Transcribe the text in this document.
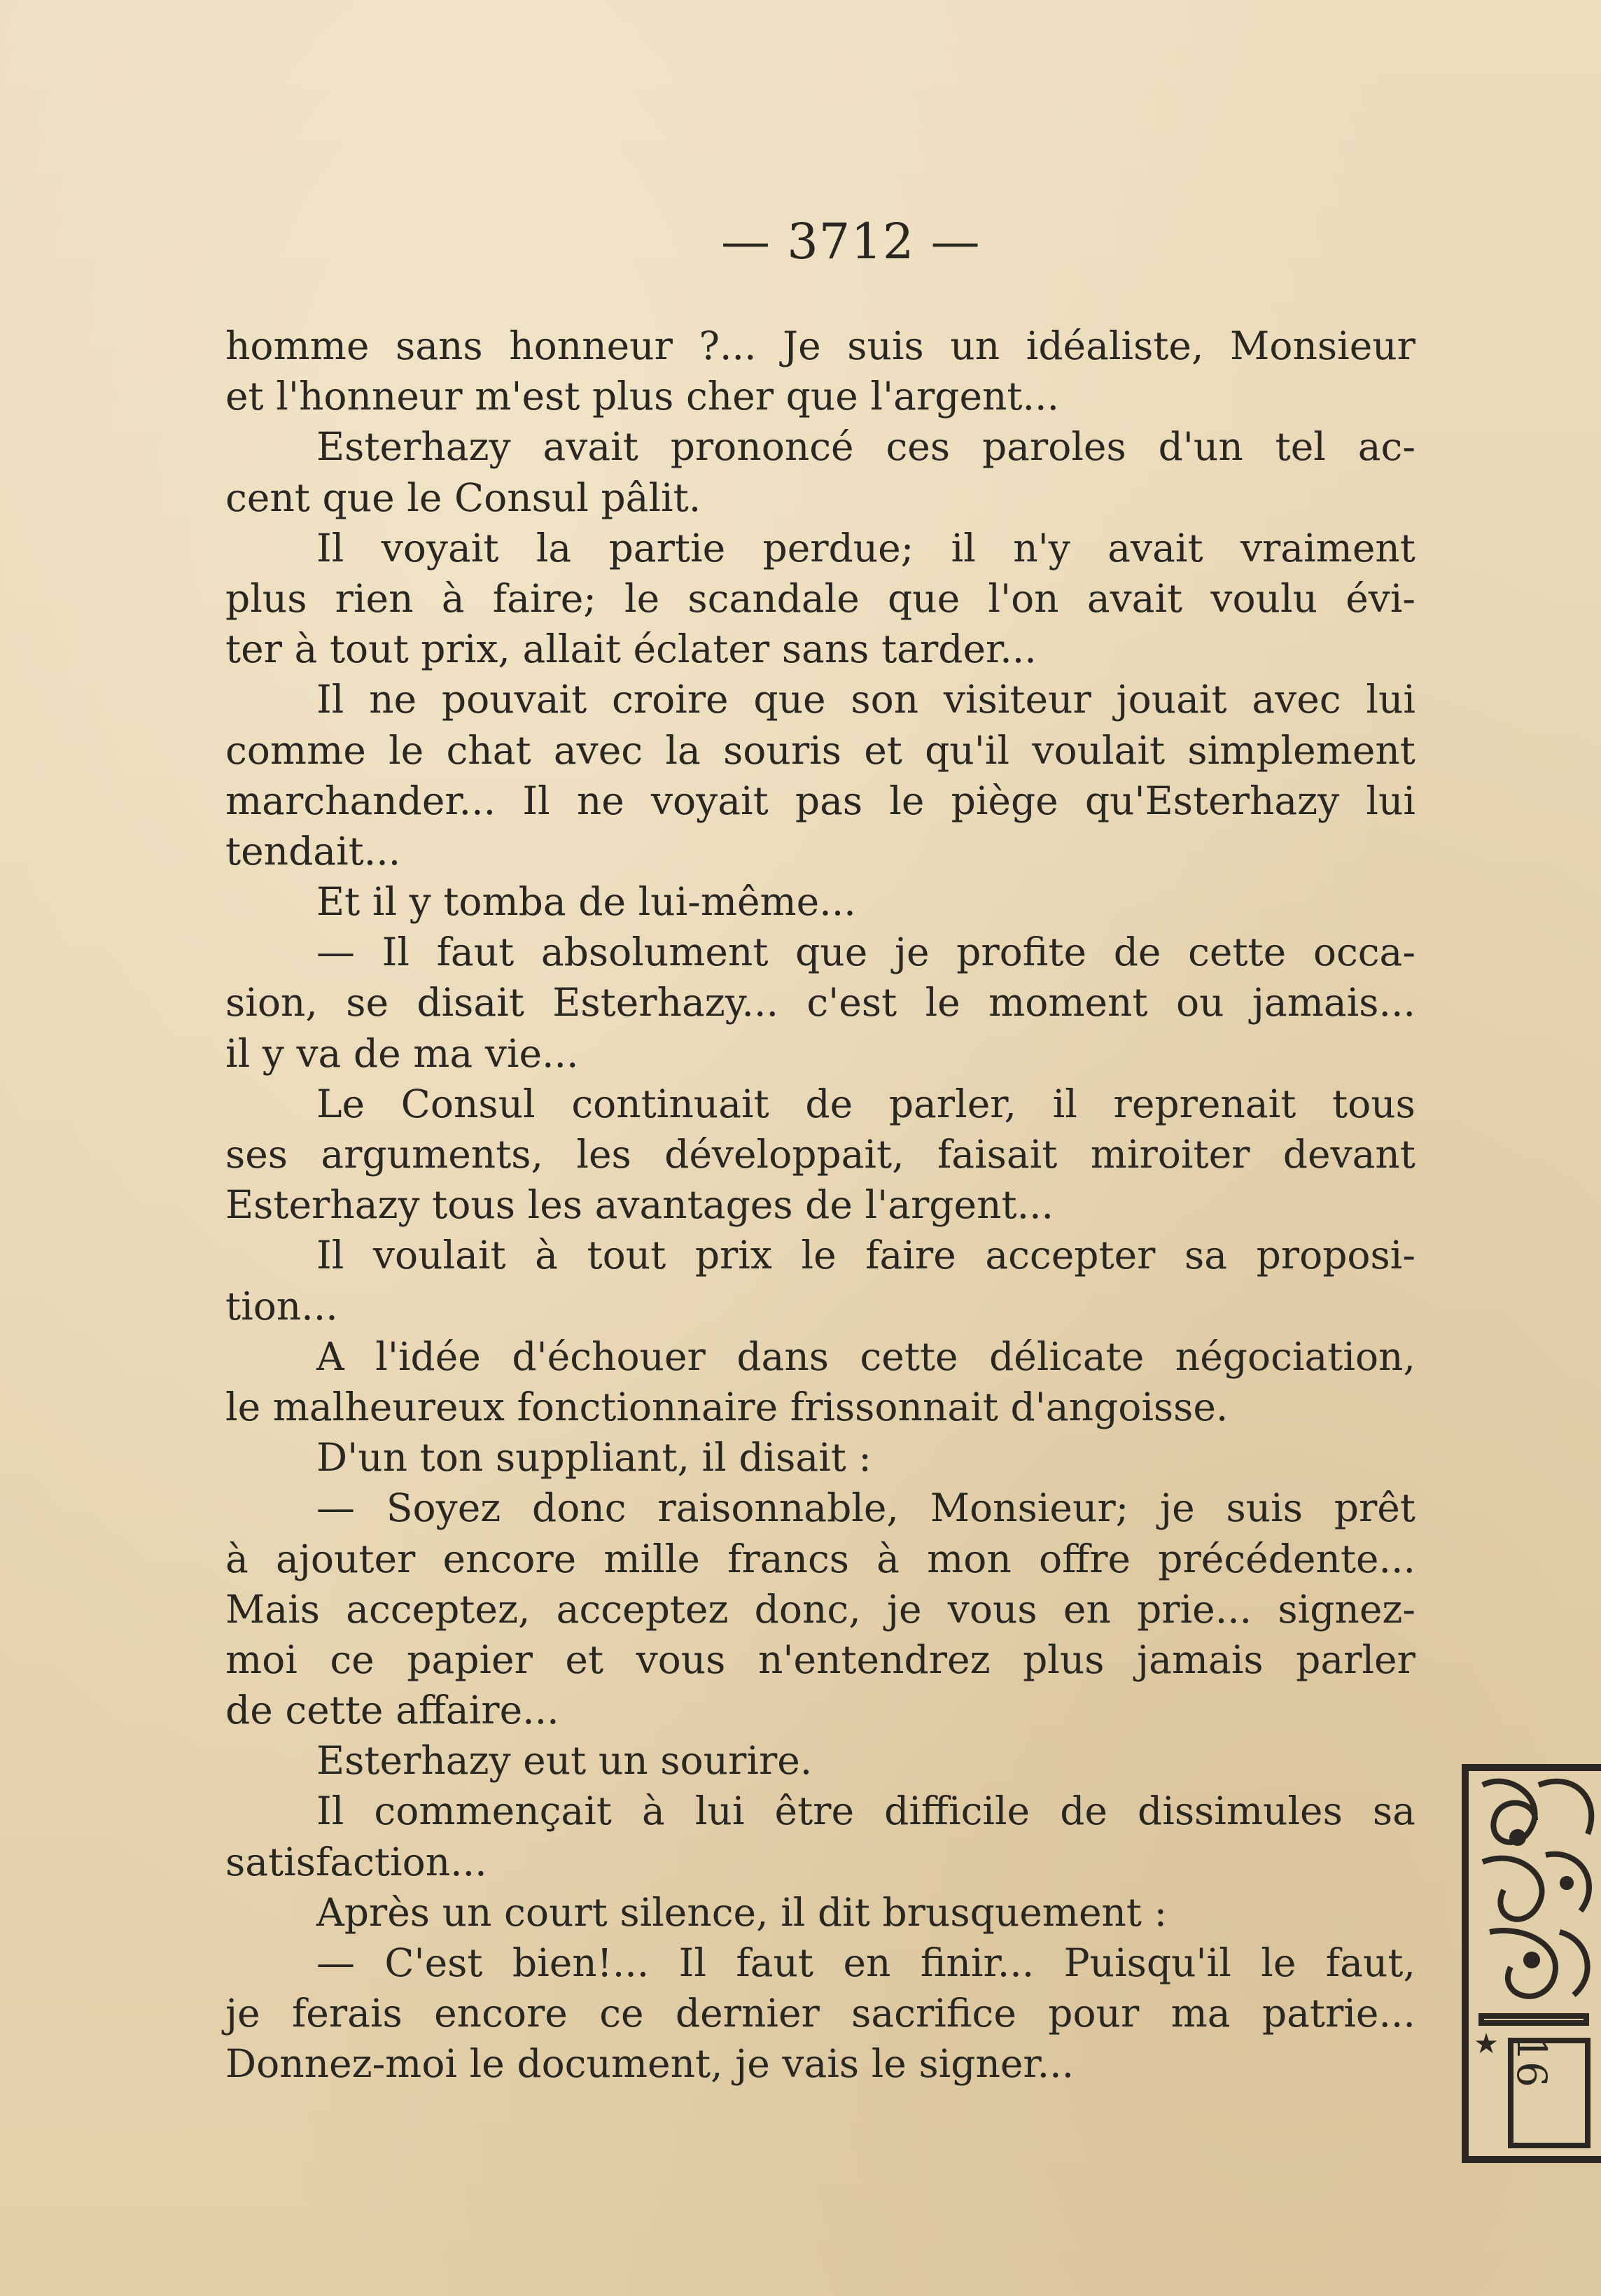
— 3712 —
homme sans honneur ?... Je suis un idéaliste, Monsieur
et l'honneur m'est plus cher que l'argent...
Esterhazy avait prononcé ces paroles d'un tel ac-
cent que le Consul pâlit.
Il voyait la partie perdue; il n'y avait vraiment
plus rien à faire; le scandale que l'on avait voulu évi-
ter à tout prix, allait éclater sans tarder...
Il ne pouvait croire que son visiteur jouait avec lui
comme le chat avec la souris et qu'il voulait simplement
marchander... Il ne voyait pas le piège qu'Esterhazy lui
tendait...
Et il y tomba de lui-même...
— Il faut absolument que je profite de cette occa-
sion, se disait Esterhazy... c'est le moment ou jamais...
il y va de ma vie...
Le Consul continuait de parler, il reprenait tous
ses arguments, les développait, faisait miroiter devant
Esterhazy tous les avantages de l'argent...
Il voulait à tout prix le faire accepter sa proposi-
tion...
A l'idée d'échouer dans cette délicate négociation,
le malheureux fonctionnaire frissonnait d'angoisse.
D'un ton suppliant, il disait :
— Soyez donc raisonnable, Monsieur; je suis prêt
à ajouter encore mille francs à mon offre précédente...
Mais acceptez, acceptez donc, je vous en prie... signez-
moi ce papier et vous n'entendrez plus jamais parler
de cette affaire...
Esterhazy eut un sourire.
Il commençait à lui être difficile de dissimules sa
satisfaction...
Après un court silence, il dit brusquement :
— C'est bien!... Il faut en finir... Puisqu'il le faut,
je ferais encore ce dernier sacrifice pour ma patrie...
Donnez-moi le document, je vais le signer...	★ 16
